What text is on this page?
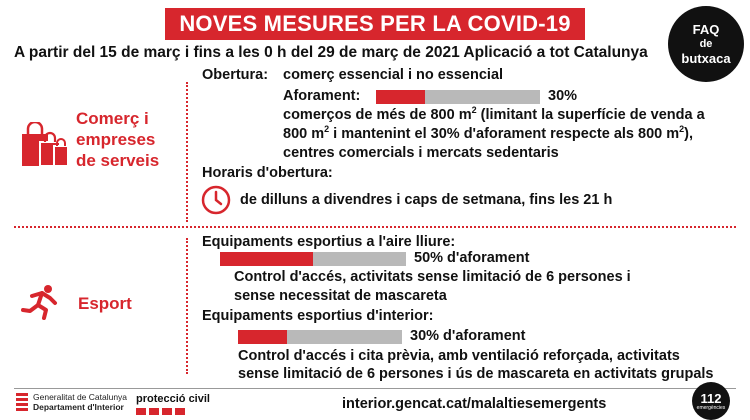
NOVES MESURES PER LA COVID-19	FAQ
de
butxaca
A partir del 15 de març i fins a les 0 h del 29 de març de 2021 Aplicació a tot Catalunya
Comerç i
empreses
de serveis
Obertura: comerç essencial i no essencial
Aforament:	30%
comerços de més de 800 $m^2$ (limitant la superfície de venda a
800 $m^2$ i mantenint el 30% d'aforament respecte als 800 $m^2$),
centres comercials i mercats sedentaris
Horaris d'obertura:
de dilluns a divendres i caps de setmana, fins les 21 h
Esport
Equipaments esportius a l'aire lliure:
50% d'aforament
Control d'accés, activitats sense limitació de 6 persones i
sense necessitat de mascareta
Equipaments esportius d'interior:
30% d'aforament
Control d'accés i cita prèvia, amb ventilació reforçada, activitats
sense limitació de 6 persones i ús de mascareta en activitats grupals
Generalitat de Catalunya
Departament d'Interior
protecció civil	interior.gencat.cat/malaltiesemergents	112
emergències
